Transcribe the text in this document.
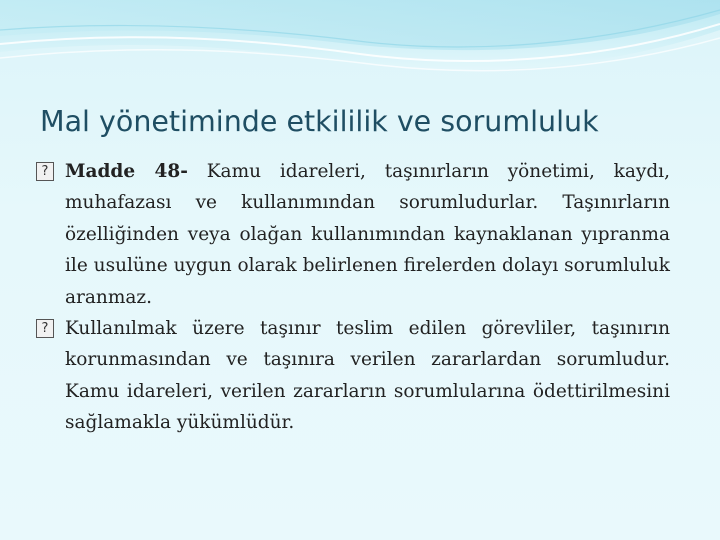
Mal yönetiminde etkililik ve sorumluluk

? Madde 48- Kamu idareleri, taşınırların yönetimi, kaydı, muhafazası ve kullanımından sorumludurlar. Taşınırların özelliğinden veya olağan kullanımından kaynaklanan yıpranma ile usulüne uygun olarak belirlenen firelerden dolayı sorumluluk aranmaz.

? Kullanılmak üzere taşınır teslim edilen görevliler, taşınırın korunmasından ve taşınıra verilen zararlardan sorumludur. Kamu idareleri, verilen zararların sorumlularına ödettirilmesini sağlamakla yükümlüdür.
